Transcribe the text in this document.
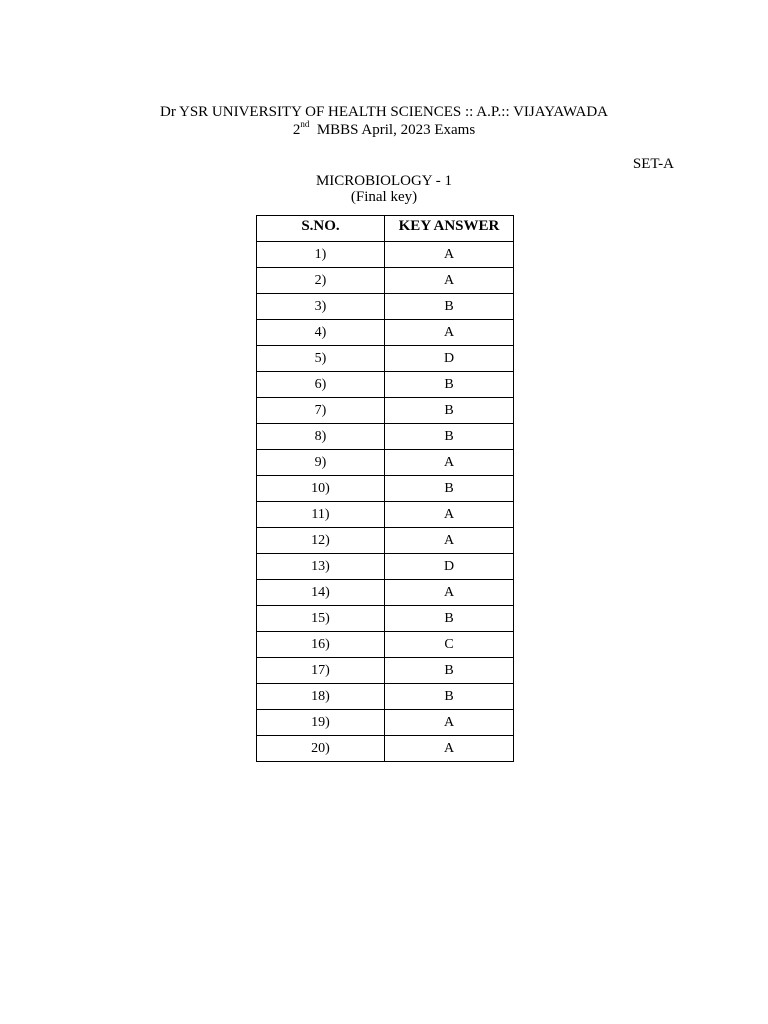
Dr YSR UNIVERSITY OF HEALTH SCIENCES :: A.P.:: VIJAYAWADA
2nd  MBBS April, 2023 Exams
SET-A
MICROBIOLOGY - 1
(Final key)
S.NO.	KEY ANSWER
1)	A
2)	A
3)	B
4)	A
5)	D
6)	B
7)	B
8)	B
9)	A
10)	B
11)	A
12)	A
13)	D
14)	A
15)	B
16)	C
17)	B
18)	B
19)	A
20)	A
